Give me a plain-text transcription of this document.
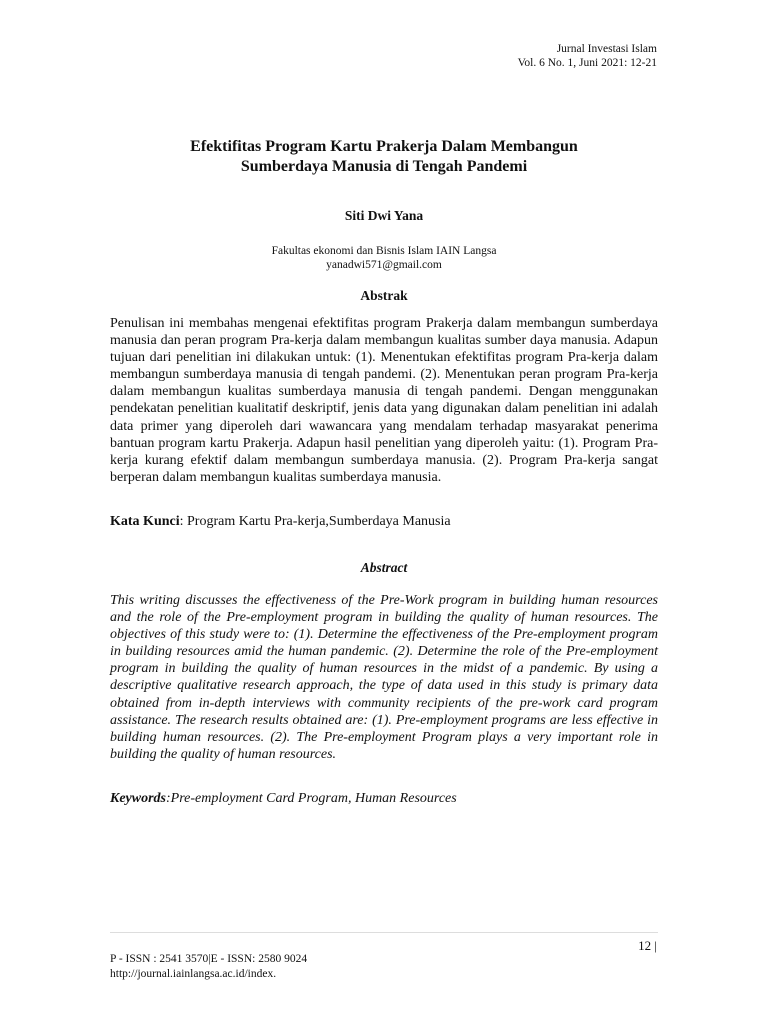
Jurnal Investasi Islam
Vol. 6 No. 1, Juni 2021: 12-21
Efektifitas Program Kartu Prakerja Dalam Membangun
Sumberdaya Manusia di Tengah Pandemi
Siti Dwi Yana
Fakultas ekonomi dan Bisnis Islam IAIN Langsa
yanadwi571@gmail.com
Abstrak
Penulisan ini membahas mengenai efektifitas program Prakerja dalam membangun sumberdaya manusia dan peran program Pra-kerja dalam membangun kualitas sumber daya manusia. Adapun tujuan dari penelitian ini dilakukan untuk: (1). Menentukan efektifitas program Pra-kerja dalam membangun sumberdaya manusia di tengah pandemi. (2). Menentukan peran program Pra-kerja dalam membangun kualitas sumberdaya manusia di tengah pandemi. Dengan menggunakan pendekatan penelitian kualitatif deskriptif, jenis data yang digunakan dalam penelitian ini adalah data primer yang diperoleh dari wawancara yang mendalam terhadap masyarakat penerima bantuan program kartu Prakerja. Adapun hasil penelitian yang diperoleh yaitu: (1). Program Pra-kerja kurang efektif dalam membangun sumberdaya manusia. (2). Program Pra-kerja sangat berperan dalam membangun kualitas sumberdaya manusia.
Kata Kunci: Program Kartu Pra-kerja,Sumberdaya Manusia
Abstract
This writing discusses the effectiveness of the Pre-Work program in building human resources and the role of the Pre-employment program in building the quality of human resources. The objectives of this study were to: (1). Determine the effectiveness of the Pre-employment program in building resources amid the human pandemic. (2). Determine the role of the Pre-employment program in building the quality of human resources in the midst of a pandemic. By using a descriptive qualitative research approach, the type of data used in this study is primary data obtained from in-depth interviews with community recipients of the pre-work card program assistance. The research results obtained are: (1). Pre-employment programs are less effective in building human resources. (2). The Pre-employment Program plays a very important role in building the quality of human resources.
Keywords:Pre-employment Card Program, Human Resources
12 |
P - ISSN : 2541 3570|E - ISSN: 2580 9024
http://journal.iainlangsa.ac.id/index.
